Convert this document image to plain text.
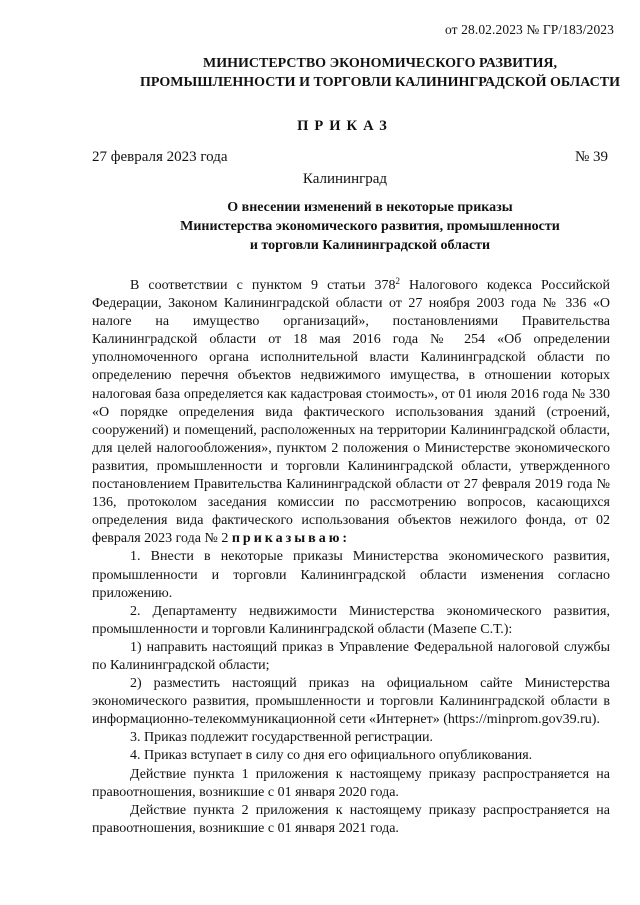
от 28.02.2023 № ГР/183/2023
МИНИСТЕРСТВО ЭКОНОМИЧЕСКОГО РАЗВИТИЯ,
ПРОМЫШЛЕННОСТИ И ТОРГОВЛИ КАЛИНИНГРАДСКОЙ ОБЛАСТИ
ПРИКАЗ
27 февраля 2023 года	№ 39
Калининград
О внесении изменений в некоторые приказы
Министерства экономического развития, промышленности
и торговли Калининградской области

В соответствии с пунктом 9 статьи $378^2$ Налогового кодекса Российской Федерации, Законом Калининградской области от 27 ноября 2003 года № 336 «О налоге на имущество организаций», постановлениями Правительства Калининградской области от 18 мая 2016 года № 254 «Об определении уполномоченного органа исполнительной власти Калининградской области по определению перечня объектов недвижимого имущества, в отношении которых налоговая база определяется как кадастровая стоимость», от 01 июля 2016 года № 330 «О порядке определения вида фактического использования зданий (строений, сооружений) и помещений, расположенных на территории Калининградской области, для целей налогообложения», пунктом 2 положения о Министерстве экономического развития, промышленности и торговли Калининградской области, утвержденного постановлением Правительства Калининградской области от 27 февраля 2019 года № 136, протоколом заседания комиссии по рассмотрению вопросов, касающихся определения вида фактического использования объектов нежилого фонда, от 02 февраля 2023 года № 2 приказываю:

1. Внести в некоторые приказы Министерства экономического развития, промышленности и торговли Калининградской области изменения согласно приложению.

2. Департаменту недвижимости Министерства экономического развития, промышленности и торговли Калининградской области (Мазепе С.Т.):

1) направить настоящий приказ в Управление Федеральной налоговой службы по Калининградской области;

2) разместить настоящий приказ на официальном сайте Министерства экономического развития, промышленности и торговли Калининградской области в информационно-телекоммуникационной сети «Интернет» (https://minprom.gov39.ru).

3. Приказ подлежит государственной регистрации.

4. Приказ вступает в силу со дня его официального опубликования.

Действие пункта 1 приложения к настоящему приказу распространяется на правоотношения, возникшие с 01 января 2020 года.

Действие пункта 2 приложения к настоящему приказу распространяется на правоотношения, возникшие с 01 января 2021 года.
